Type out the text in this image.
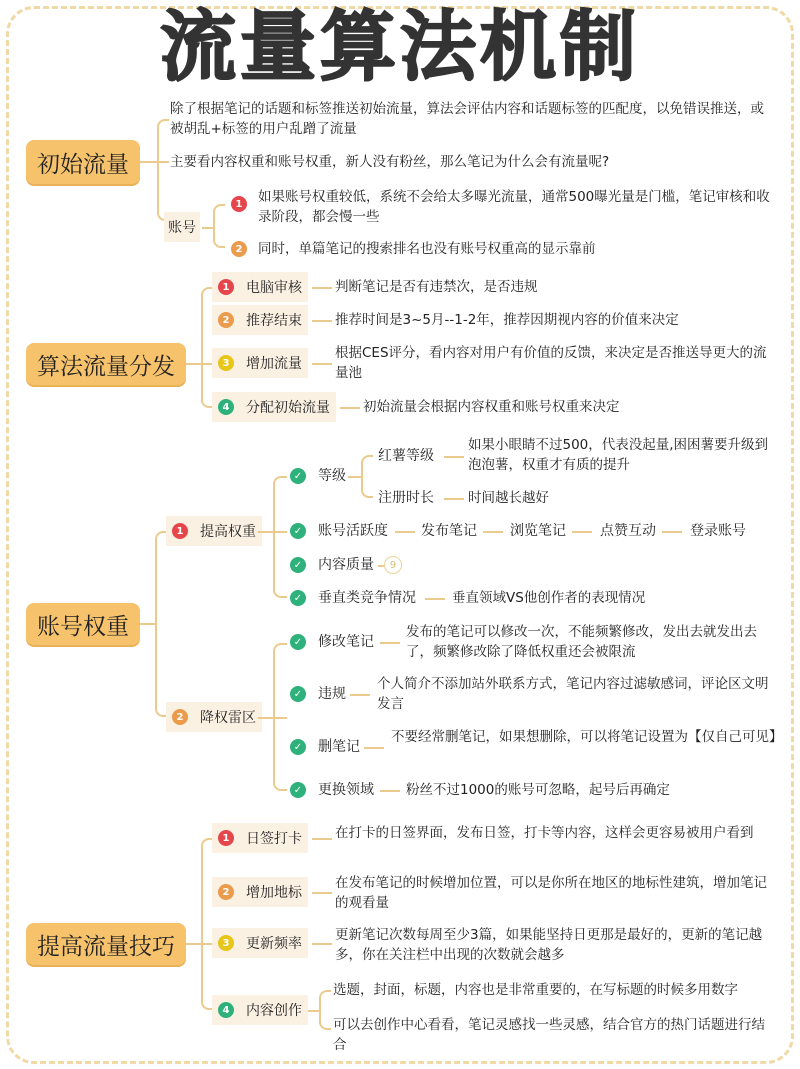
流量算法机制
初始流量
除了根据笔记的话题和标签推送初始流量，算法会评估内容和话题标签的匹配度，以免错误推送，或被胡乱+标签的用户乱蹭了流量
主要看内容权重和账号权重，新人没有粉丝，那么笔记为什么会有流量呢?
账号
1	如果账号权重较低，系统不会给太多曝光流量，通常500曝光量是门槛，笔记审核和收录阶段，都会慢一些
2	同时，单篇笔记的搜索排名也没有账号权重高的显示靠前
算法流量分发
1	电脑审核 判断笔记是否有违禁次，是否违规
2	推荐结束 推荐时间是3~5月--1-2年，推荐因期视内容的价值来决定
3	增加流量
根据CES评分，看内容对用户有价值的反馈，来决定是否推送导更大的流量池
4	分配初始流量 初始流量会根据内容权重和账号权重来决定
账号权重
1	提高权重
✓ 等级
红薯等级
如果小眼睛不过500，代表没起量,困困薯要升级到泡泡薯，权重才有质的提升
注册时长	时间越长越好
✓ 账号活跃度 发布笔记 浏览笔记 点赞互动 登录账号
✓ 内容质量	9
✓ 垂直类竞争情况	垂直领域VS他创作者的表现情况
2	降权雷区
✓ 修改笔记
发布的笔记可以修改一次，不能频繁修改，发出去就发出去了，频繁修改除了降低权重还会被限流
✓ 违规
个人简介不添加站外联系方式，笔记内容过滤敏感词，评论区文明发言
✓ 删笔记
不要经常删笔记，如果想删除，可以将笔记设置为【仅自己可见】
✓ 更换领域 粉丝不过1000的账号可忽略，起号后再确定
提高流量技巧
1	日签打卡 在打卡的日签界面，发布日签，打卡等内容，这样会更容易被用户看到
2	增加地标
在发布笔记的时候增加位置，可以是你所在地区的地标性建筑，增加笔记的观看量
3	更新频率
更新笔记次数每周至少3篇，如果能坚持日更那是最好的，更新的笔记越多，你在关注栏中出现的次数就会越多
4	内容创作
选题，封面，标题，内容也是非常重要的，在写标题的时候多用数字
可以去创作中心看看，笔记灵感找一些灵感，结合官方的热门话题进行结合
